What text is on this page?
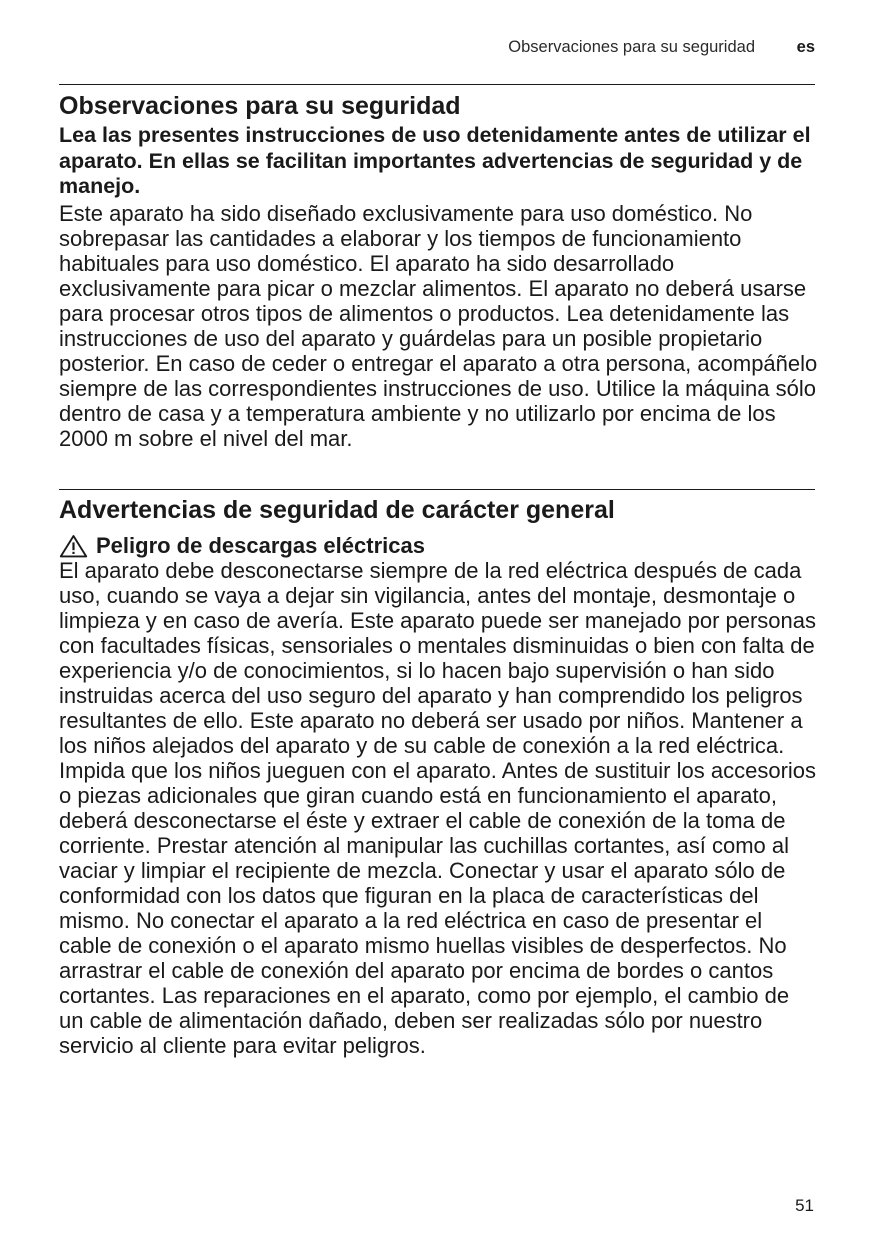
Observaciones para su seguridad	es
Observaciones para su seguridad

Lea las presentes instrucciones de uso detenidamente antes de utilizar el aparato. En ellas se facilitan importantes advertencias de seguridad y de manejo.

Este aparato ha sido diseñado exclusivamente para uso doméstico. No sobrepasar las cantidades a elaborar y los tiempos de funcionamiento habituales para uso doméstico. El aparato ha sido desarrollado exclusivamente para picar o mezclar alimentos. El aparato no deberá usarse para procesar otros tipos de alimentos o productos. Lea detenidamente las instrucciones de uso del aparato y guárdelas para un posible propietario posterior. En caso de ceder o entregar el aparato a otra persona, acompáñelo siempre de las correspondientes instrucciones de uso. Utilice la máquina sólo dentro de casa y a temperatura ambiente y no utilizarlo por encima de los 2000 m sobre el nivel del mar.

Advertencias de seguridad de carácter general
Peligro de descargas eléctricas

El aparato debe desconectarse siempre de la red eléctrica después de cada uso, cuando se vaya a dejar sin vigilancia, antes del montaje, desmontaje o limpieza y en caso de avería. Este aparato puede ser manejado por personas con facultades físicas, sensoriales o mentales disminuidas o bien con falta de experiencia y/o de conocimientos, si lo hacen bajo supervisión o han sido instruidas acerca del uso seguro del aparato y han comprendido los peligros resultantes de ello. Este aparato no deberá ser usado por niños. Mantener a los niños alejados del aparato y de su cable de conexión a la red eléctrica. Impida que los niños jueguen con el aparato. Antes de sustituir los accesorios o piezas adicionales que giran cuando está en funcionamiento el aparato, deberá desconectarse el éste y extraer el cable de conexión de la toma de corriente. Prestar atención al manipular las cuchillas cortantes, así como al vaciar y limpiar el recipiente de mezcla. Conectar y usar el aparato sólo de conformidad con los datos que figuran en la placa de características del mismo. No conectar el aparato a la red eléctrica en caso de presentar el cable de conexión o el aparato mismo huellas visibles de desperfectos. No arrastrar el cable de conexión del aparato por encima de bordes o cantos cortantes. Las reparaciones en el aparato, como por ejemplo, el cambio de un cable de alimentación dañado, deben ser realizadas sólo por nuestro servicio al cliente para evitar peligros.

51
